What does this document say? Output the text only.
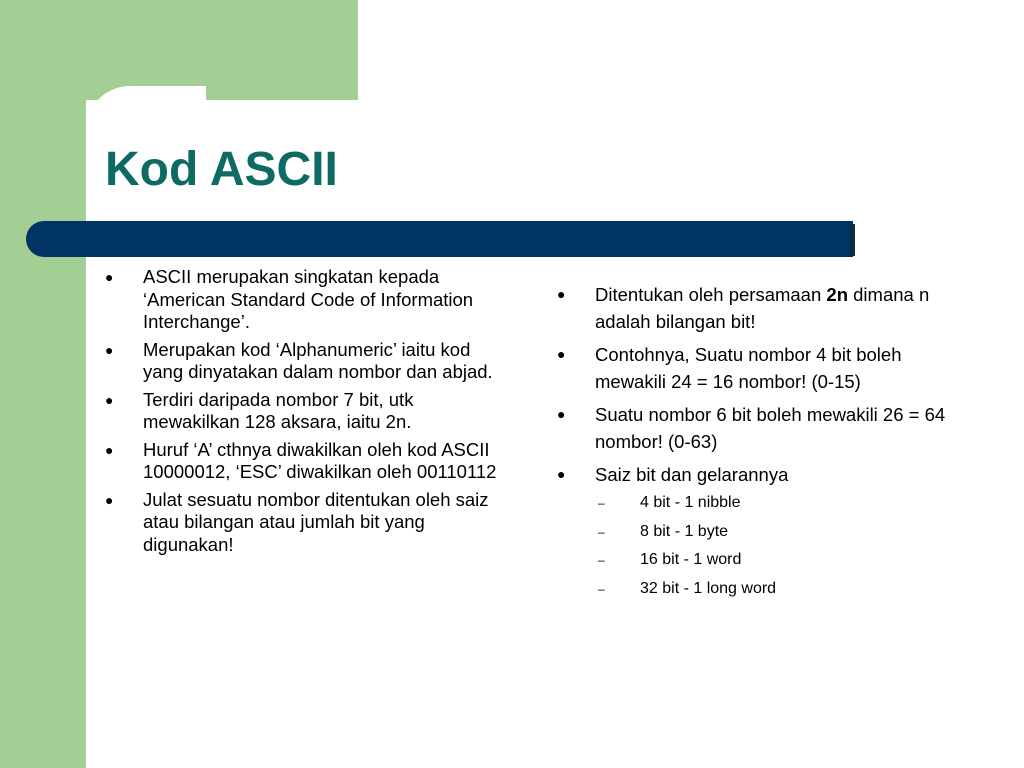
Kod ASCII
● ASCII merupakan singkatan kepada ‘American Standard Code of Information Interchange’.
● Merupakan kod ‘Alphanumeric’ iaitu kod yang dinyatakan dalam nombor dan abjad.
● Terdiri daripada nombor 7 bit, utk mewakilkan 128 aksara, iaitu 2n.
● Huruf ‘A’ cthnya diwakilkan oleh kod ASCII 10000012, ‘ESC’ diwakilkan oleh 00110112
● Julat sesuatu nombor ditentukan oleh saiz atau bilangan atau jumlah bit yang digunakan!
● Ditentukan oleh persamaan 2n dimana n adalah bilangan bit!
● Contohnya, Suatu nombor 4 bit boleh mewakili 24 = 16 nombor! (0-15)
● Suatu nombor 6 bit boleh mewakili 26 = 64 nombor! (0-63)
● Saiz bit dan gelarannya
– 4 bit - 1 nibble
– 8 bit - 1 byte
– 16 bit - 1 word
– 32 bit - 1 long word
